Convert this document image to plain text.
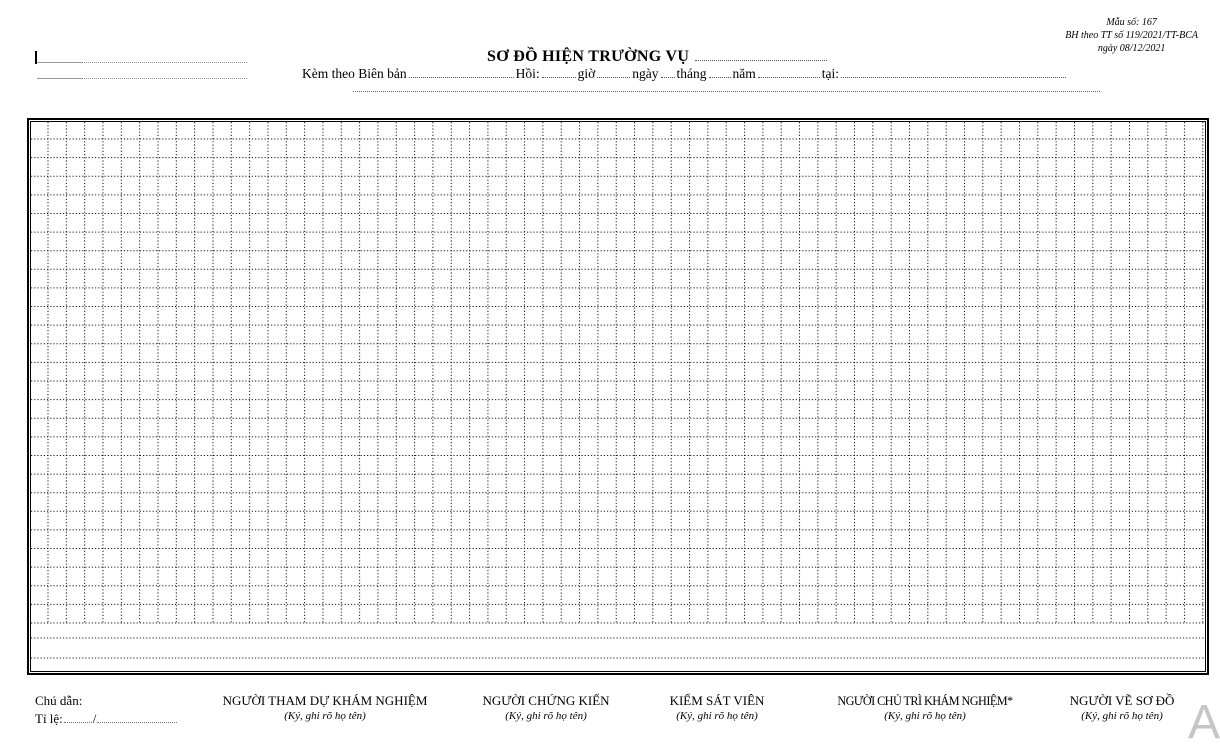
Mẫu số: 167
BH theo TT số 119/2021/TT-BCA
ngày 08/12/2021
SƠ ĐỒ HIỆN TRƯỜNG VỤ
Kèm theo Biên bản	Hồi:	giờ	ngày tháng năm	tại:
Chú dẫn:
Tỉ lệ: /
NGƯỜI THAM DỰ KHÁM NGHIỆM
(Ký, ghi rõ họ tên)
NGƯỜI CHỨNG KIẾN
(Ký, ghi rõ họ tên)
KIỂM SÁT VIÊN
(Ký, ghi rõ họ tên)
NGƯỜI CHỦ TRÌ KHÁM NGHIỆM*
(Ký, ghi rõ họ tên)
NGƯỜI VẼ SƠ ĐỒ
(Ký, ghi rõ họ tên) A
